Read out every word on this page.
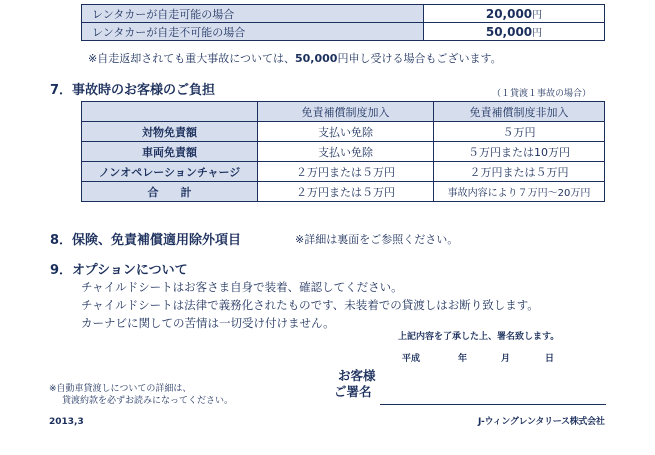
レンタカーが自走可能の場合	20,000円
レンタカーが自走不可能の場合	50,000円
※自走返却されても重大事故については、50,000円申し受ける場合もございます。
7．事故時のお客様のご負担	（１貸渡１事故の場合）
	免責補償制度加入	免責補償制度非加入
対物免責額	支払い免除	５万円
車両免責額	支払い免除	５万円または10万円
ノンオペレーションチャージ	２万円または５万円	２万円または５万円
合　　計	２万円または５万円	事故内容により７万円〜20万円
8．保険、免責補償適用除外項目	※詳細は裏面をご参照ください。
9．オプションについて
チャイルドシートはお客さま自身で装着、確認してください。
チャイルドシートは法律で義務化されたものです、未装着での貸渡しはお断り致します。
カーナビに関しての苦情は一切受け付けません。
上記内容を了承した上、署名致します。
平成	年	月	日
お客様
ご署名
※自動車貸渡しについての詳細は、
貸渡約款を必ずお読みになってください。
2013,3	J-ウィングレンタリース株式会社
